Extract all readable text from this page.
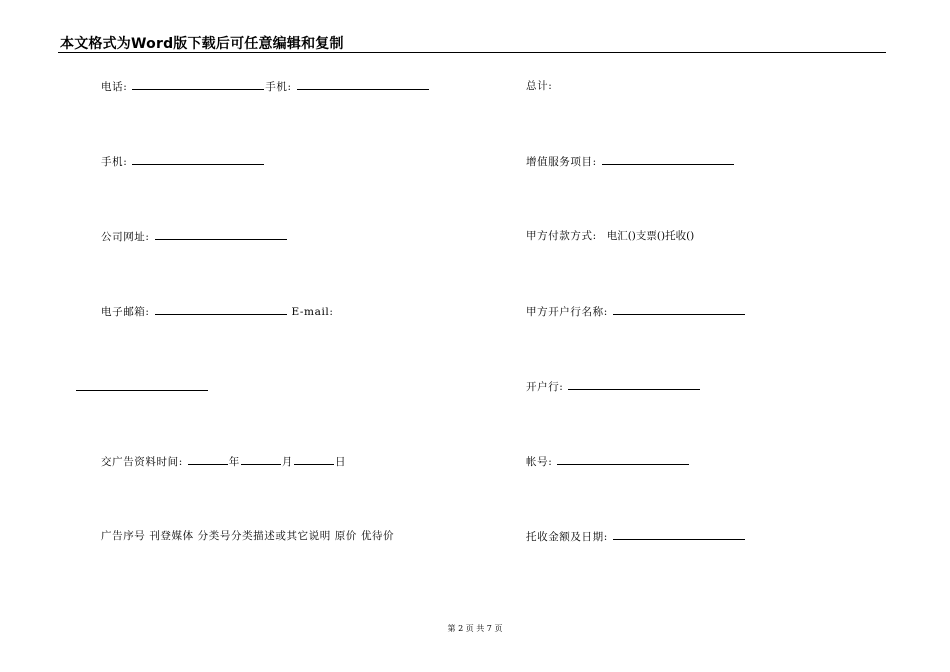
本文格式为Word版下载后可任意编辑和复制
电话:	手机:
手机:
公司网址:
电子邮箱:	E-mail:
交广告资料时间:	年	月	日
广告序号 刊登媒体 分类号分类描述或其它说明 原价 优待价
总计:
增值服务项目:
甲方付款方式: 电汇()支票()托收()
甲方开户行名称:
开户行:
帐号:
托收金额及日期:
第 2 页 共 7 页
